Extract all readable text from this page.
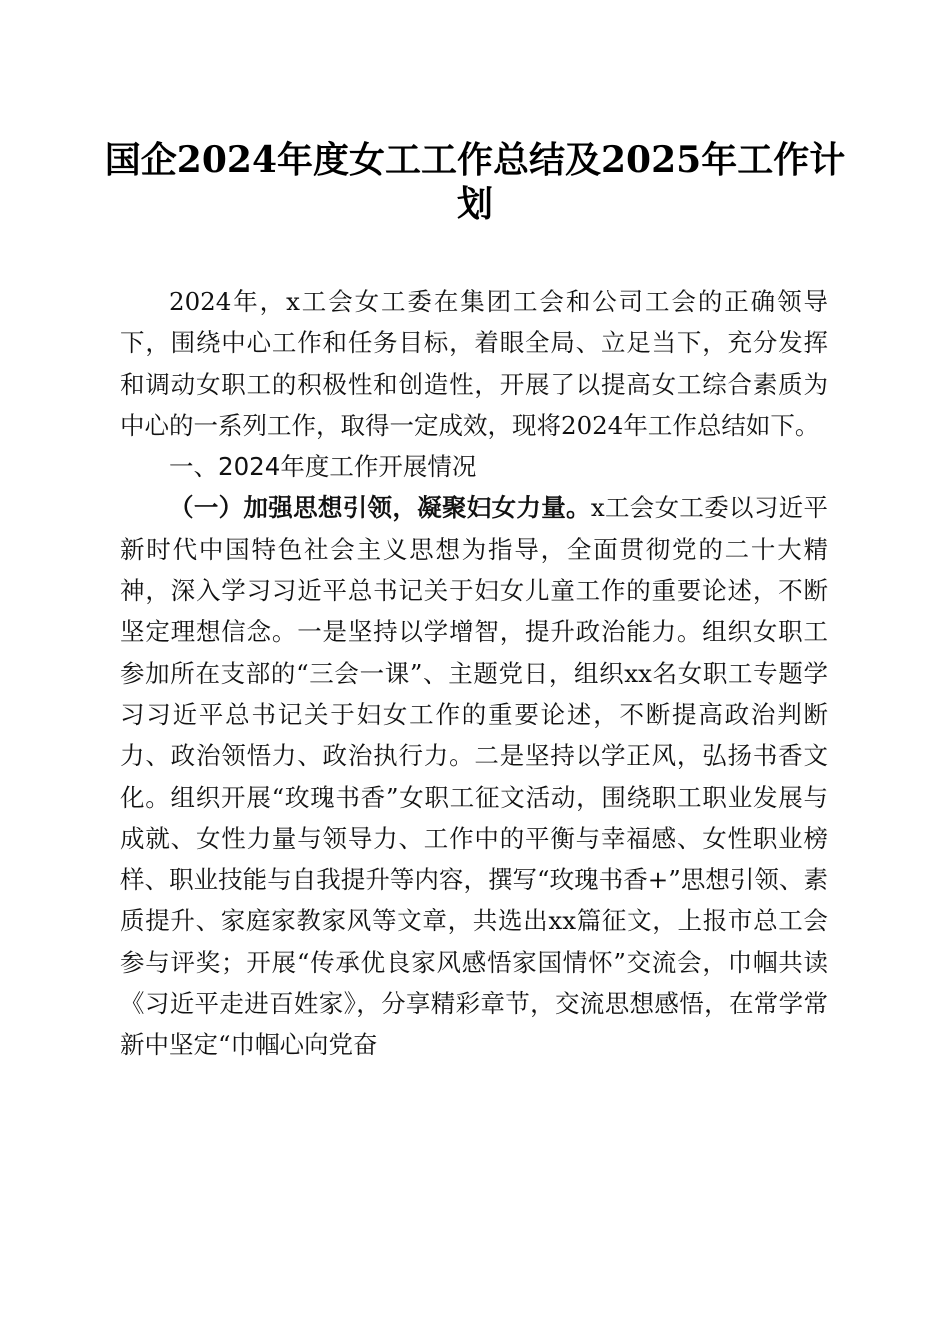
国企2024年度女工工作总结及2025年工作计划

2024年，x工会女工委在集团工会和公司工会的正确领导下，围绕中心工作和任务目标，着眼全局、立足当下，充分发挥和调动女职工的积极性和创造性，开展了以提高女工综合素质为中心的一系列工作，取得一定成效，现将2024年工作总结如下。

一、2024年度工作开展情况

（一）加强思想引领，凝聚妇女力量。x工会女工委以习近平新时代中国特色社会主义思想为指导，全面贯彻党的二十大精神，深入学习习近平总书记关于妇女儿童工作的重要论述，不断坚定理想信念。一是坚持以学增智，提升政治能力。组织女职工参加所在支部的“三会一课”、主题党日，组织xx名女职工专题学习习近平总书记关于妇女工作的重要论述，不断提高政治判断力、政治领悟力、政治执行力。二是坚持以学正风，弘扬书香文化。组织开展“玫瑰书香”女职工征文活动，围绕职工职业发展与成就、女性力量与领导力、工作中的平衡与幸福感、女性职业榜样、职业技能与自我提升等内容，撰写“玫瑰书香+”思想引领、素质提升、家庭家教家风等文章，共选出xx篇征文，上报市总工会参与评奖；开展“传承优良家风感悟家国情怀”交流会，巾帼共读《习近平走进百姓家》，分享精彩章节，交流思想感悟，在常学常新中坚定“巾帼心向党奋
